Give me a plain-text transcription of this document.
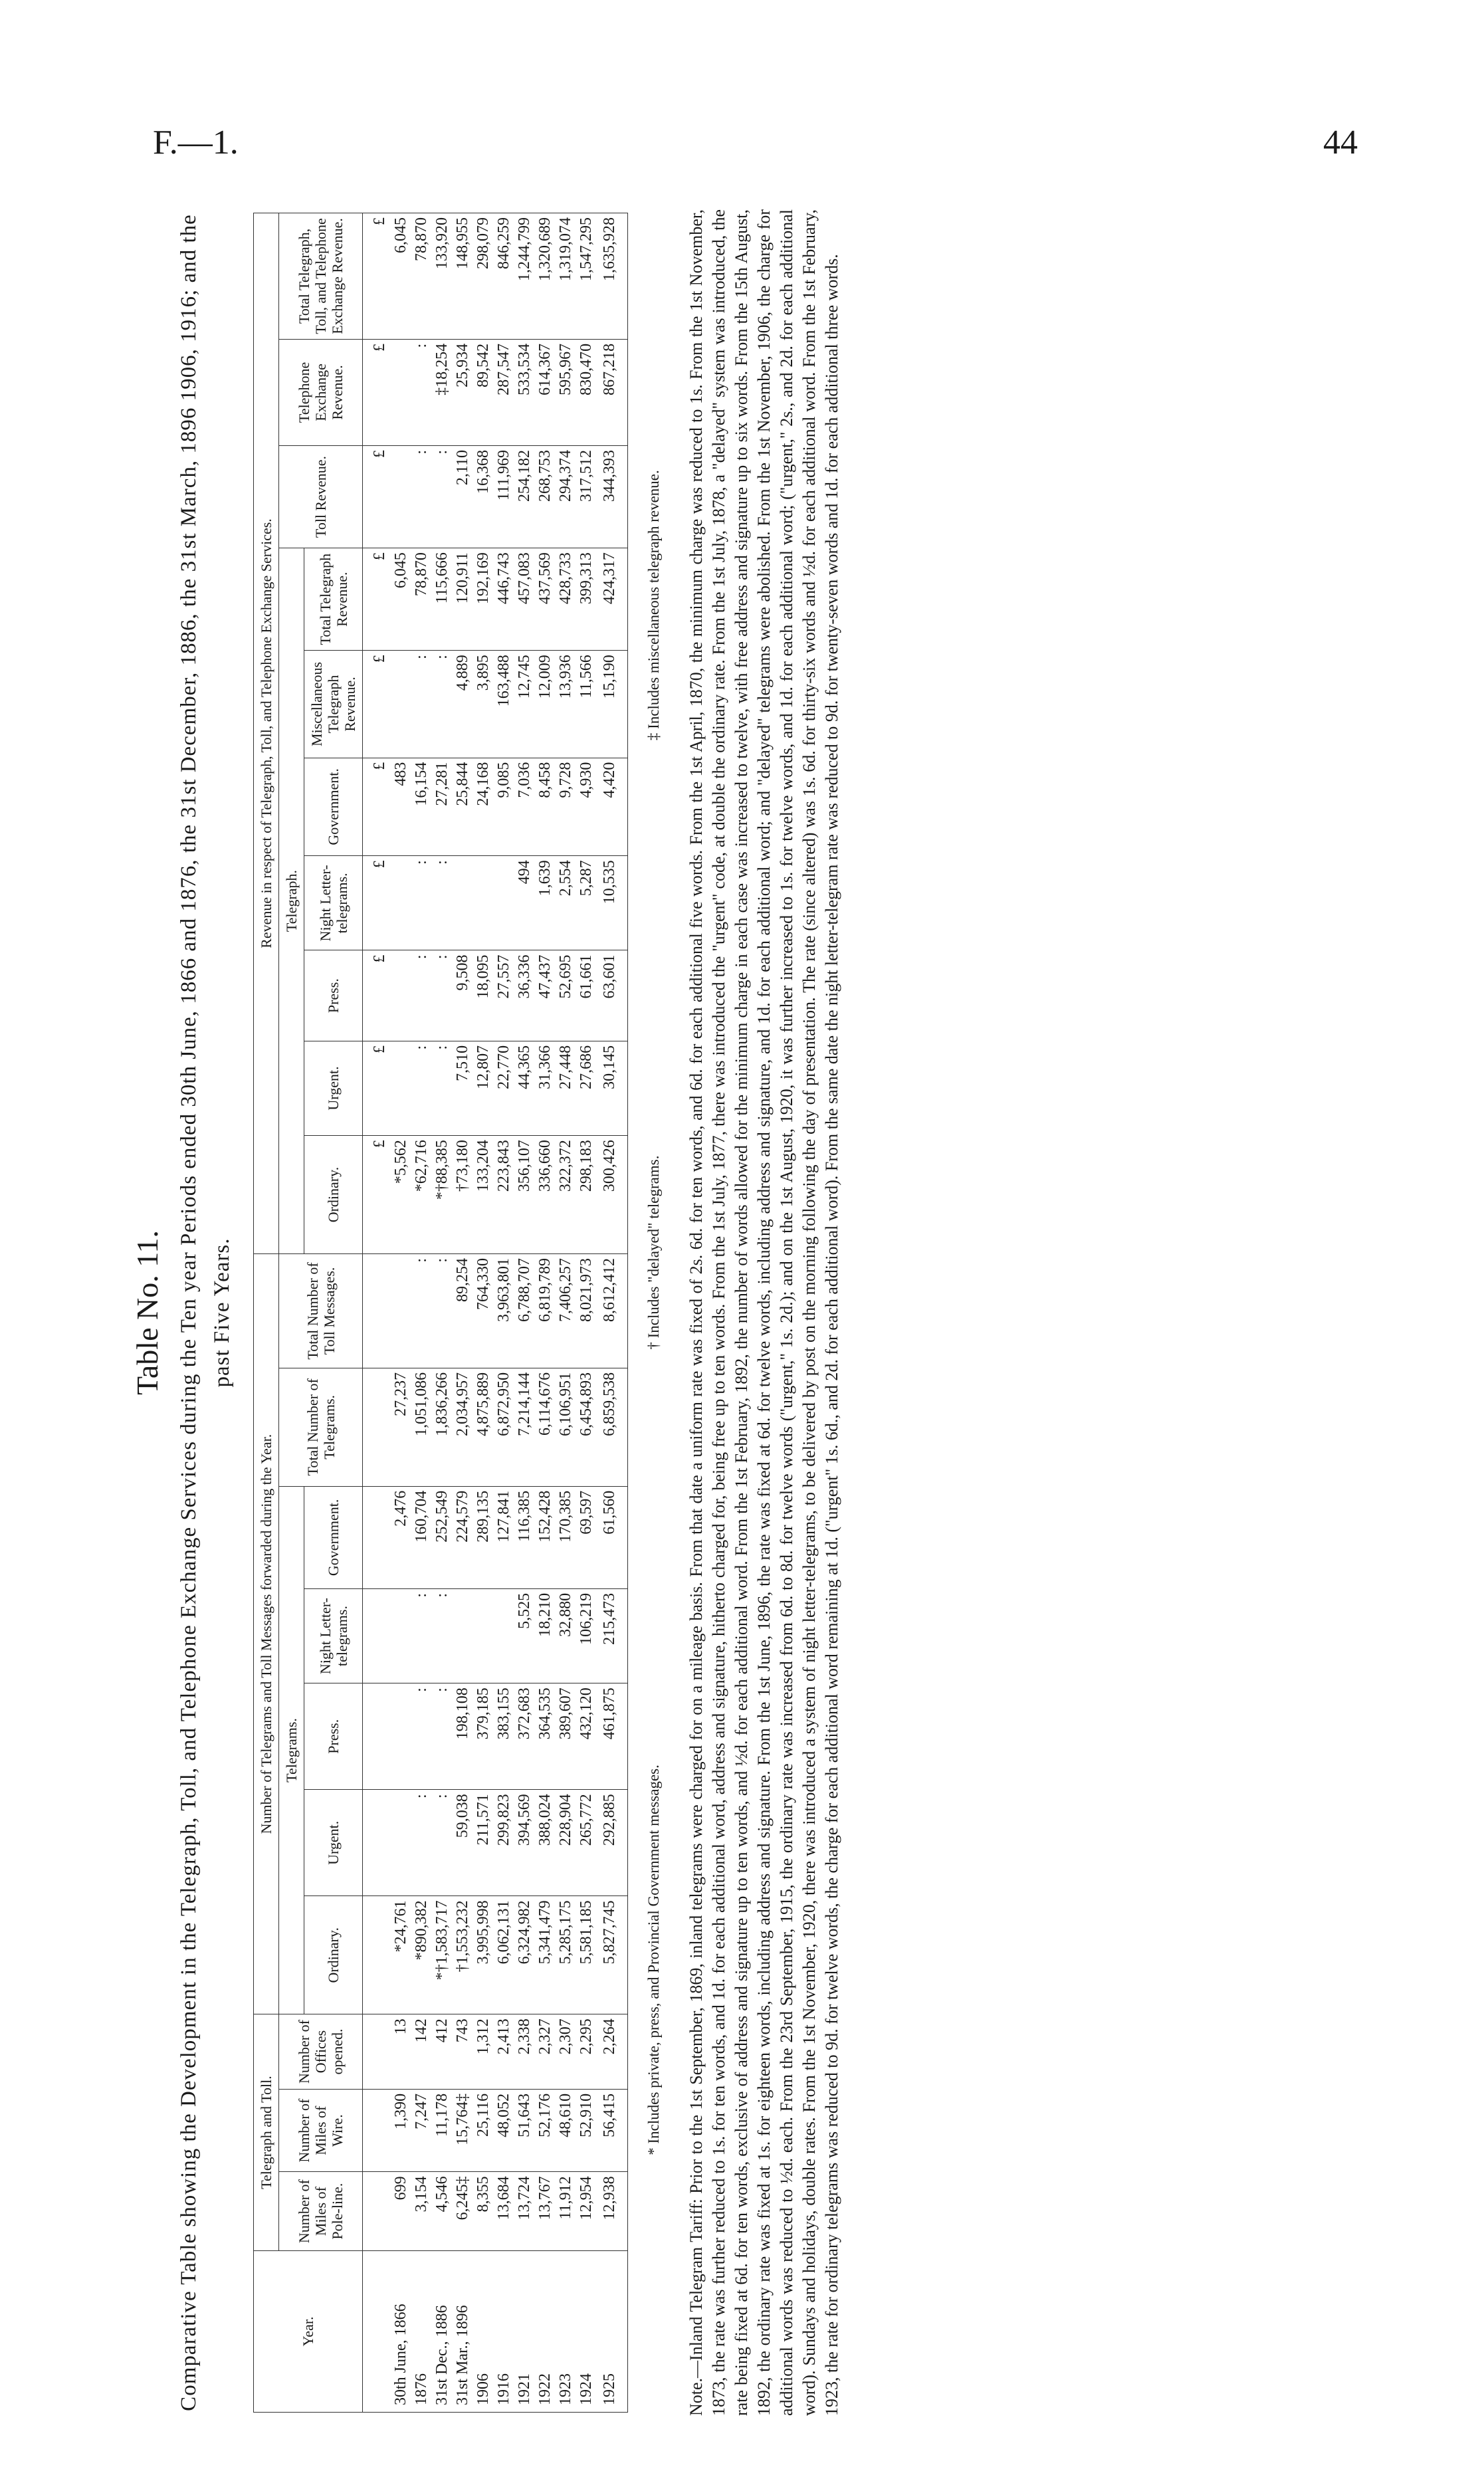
F.—1.	44
Table No. 11. Comparative Table showing the Development in the Telegraph, Toll, and Telephone Exchange Services during the Ten year Periods ended 30th June, 1866 and 1876, the 31st December, 1886, the 31st March, 1896 1906, 1916; and the past Five Years.
Year.	Telegraph and Toll.			Number of Telegrams and Toll Messages forwarded during the Year.							Revenue in respect of Telegraph, Toll, and Telephone Exchange Services.									
	Number of Miles of Pole-line.	Number of Miles of Wire.	Number of Offices opened.	Telegrams.					Total Number of Telegrams.	Total Number of Toll Messages.	Telegraph.							Toll Revenue.	Telephone Exchange Revenue.	Total Telegraph, Toll, and Telephone Exchange Revenue.
				Ordinary.	Urgent.	Press.	Night Letter-telegrams.	Government.			Ordinary.	Urgent.	Press.	Night Letter-telegrams.	Government.	Miscellaneous Telegraph Revenue.	Total Telegraph Revenue.			
											£	£	£	£	£	£	£	£	£	£
30th June, 1866	699	1,390	13	*24,761				2,476	27,237		*5,562				483		6,045			6,045
1876	3,154	7,247	142	*890,382	:	:	:	160,704	1,051,086	:	*62,716	:	:	:	16,154	:	78,870	:	:	78,870
31st Dec., 1886	4,546	11,178	412	*†1,583,717	:	:	:	252,549	1,836,266	:	*†88,385	:	:	:	27,281	:	115,666	:	‡18,254	133,920
31st Mar., 1896	6,245‡	15,764‡	743	†1,553,232	59,038	198,108		224,579	2,034,957	89,254	†73,180	7,510	9,508		25,844	4,889	120,911	2,110	25,934	148,955
1906	8,355	25,116	1,312	3,995,998	211,571	379,185		289,135	4,875,889	764,330	133,204	12,807	18,095		24,168	3,895	192,169	16,368	89,542	298,079
1916	13,684	48,052	2,413	6,062,131	299,823	383,155		127,841	6,872,950	3,963,801	223,843	22,770	27,557		9,085	163,488	446,743	111,969	287,547	846,259
1921	13,724	51,643	2,338	6,324,982	394,569	372,683	5,525	116,385	7,214,144	6,788,707	356,107	44,365	36,336	494	7,036	12,745	457,083	254,182	533,534	1,244,799
1922	13,767	52,176	2,327	5,341,479	388,024	364,535	18,210	152,428	6,114,676	6,819,789	336,660	31,366	47,437	1,639	8,458	12,009	437,569	268,753	614,367	1,320,689
1923	11,912	48,610	2,307	5,285,175	228,904	389,607	32,880	170,385	6,106,951	7,406,257	322,372	27,448	52,695	2,554	9,728	13,936	428,733	294,374	595,967	1,319,074
1924	12,954	52,910	2,295	5,581,185	265,772	432,120	106,219	69,597	6,454,893	8,021,973	298,183	27,686	61,661	5,287	4,930	11,566	399,313	317,512	830,470	1,547,295
1925	12,938	56,415	2,264	5,827,745	292,885	461,875	215,473	61,560	6,859,538	8,612,412	300,426	30,145	63,601	10,535	4,420	15,190	424,317	344,393	867,218	1,635,928
* Includes private, press, and Provincial Government messages.
† Includes "delayed" telegrams.
‡ Includes miscellaneous telegraph revenue. Note.—Inland Telegram Tariff: Prior to the 1st September, 1869, inland telegrams were charged for on a mileage basis. From that date a uniform rate was fixed of 2s. 6d. for ten words, and 6d. for each additional five words. From the 1st April, 1870, the minimum charge was reduced to 1s. From the 1st November, 1873, the rate was further reduced to 1s. for ten words, and 1d. for each additional word, address and signature, hitherto charged for, being free up to ten words. From the 1st July, 1877, there was introduced the "urgent" code, at double the ordinary rate. From the 1st July, 1878, a "delayed" system was introduced, the rate being fixed at 6d. for ten words, exclusive of address and signature up to ten words, and ½d. for each additional word. From the 1st February, 1892, the number of words allowed for the minimum charge in each case was increased to twelve, with free address and signature up to six words. From the 15th August, 1892, the ordinary rate was fixed at 1s. for eighteen words, including address and signature. From the 1st June, 1896, the rate was fixed at 6d. for twelve words, including address and signature, and 1d. for each additional word; and "delayed" telegrams were abolished. From the 1st November, 1906, the charge for additional words was reduced to ½d. each. From the 23rd September, 1915, the ordinary rate was increased from 6d. to 8d. for twelve words ("urgent," 1s. 2d.); and on the 1st August, 1920, it was further increased to 1s. for twelve words, and 1d. for each additional word; ("urgent," 2s., and 2d. for each additional word). Sundays and holidays, double rates. From the 1st November, 1920, there was introduced a system of night letter-telegrams, to be delivered by post on the morning following the day of presentation. The rate (since altered) was 1s. 6d. for thirty-six words and ½d. for each additional word. From the 1st February, 1923, the rate for ordinary telegrams was reduced to 9d. for twelve words, the charge for each additional word remaining at 1d. ("urgent" 1s. 6d., and 2d. for each additional word). From the same date the night letter-telegram rate was reduced to 9d. for twenty-seven words and 1d. for each additional three words.
